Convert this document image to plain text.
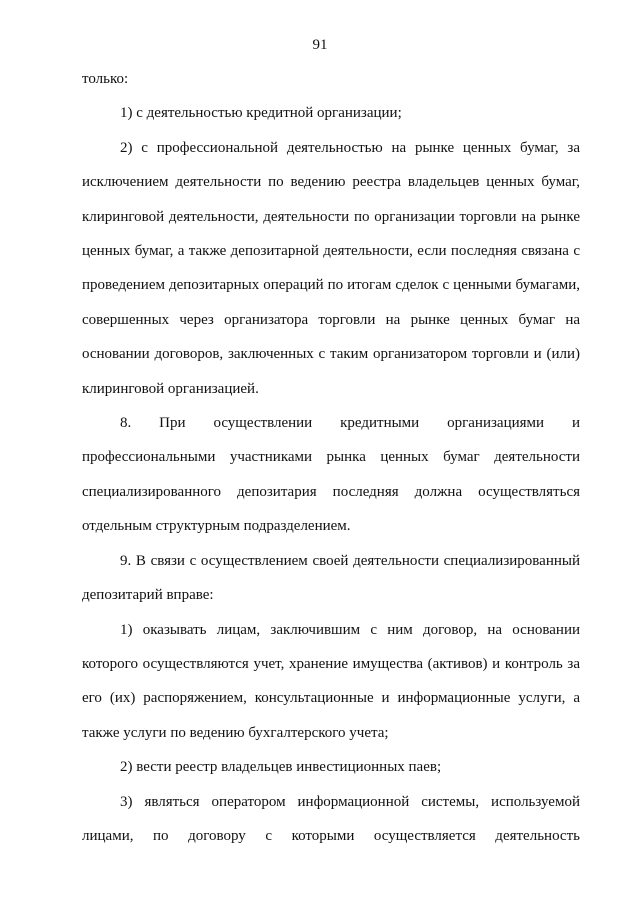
91

только:

1) с деятельностью кредитной организации;

2) с профессиональной деятельностью на рынке ценных бумаг, за исключением деятельности по ведению реестра владельцев ценных бумаг, клиринговой деятельности, деятельности по организации торговли на рынке ценных бумаг, а также депозитарной деятельности, если последняя связана с проведением депозитарных операций по итогам сделок с ценными бумагами, совершенных через организатора торговли на рынке ценных бумаг на основании договоров, заключенных с таким организатором торговли и (или) клиринговой организацией.

8. При осуществлении кредитными организациями и профессиональными участниками рынка ценных бумаг деятельности специализированного депозитария последняя должна осуществляться отдельным структурным подразделением.

9. В связи с осуществлением своей деятельности специализированный депозитарий вправе:

1) оказывать лицам, заключившим с ним договор, на основании которого осуществляются учет, хранение имущества (активов) и контроль за его (их) распоряжением, консультационные и информационные услуги, а также услуги по ведению бухгалтерского учета;

2) вести реестр владельцев инвестиционных паев;

3) являться оператором информационной системы, используемой лицами, по договору с которыми осуществляется деятельность
